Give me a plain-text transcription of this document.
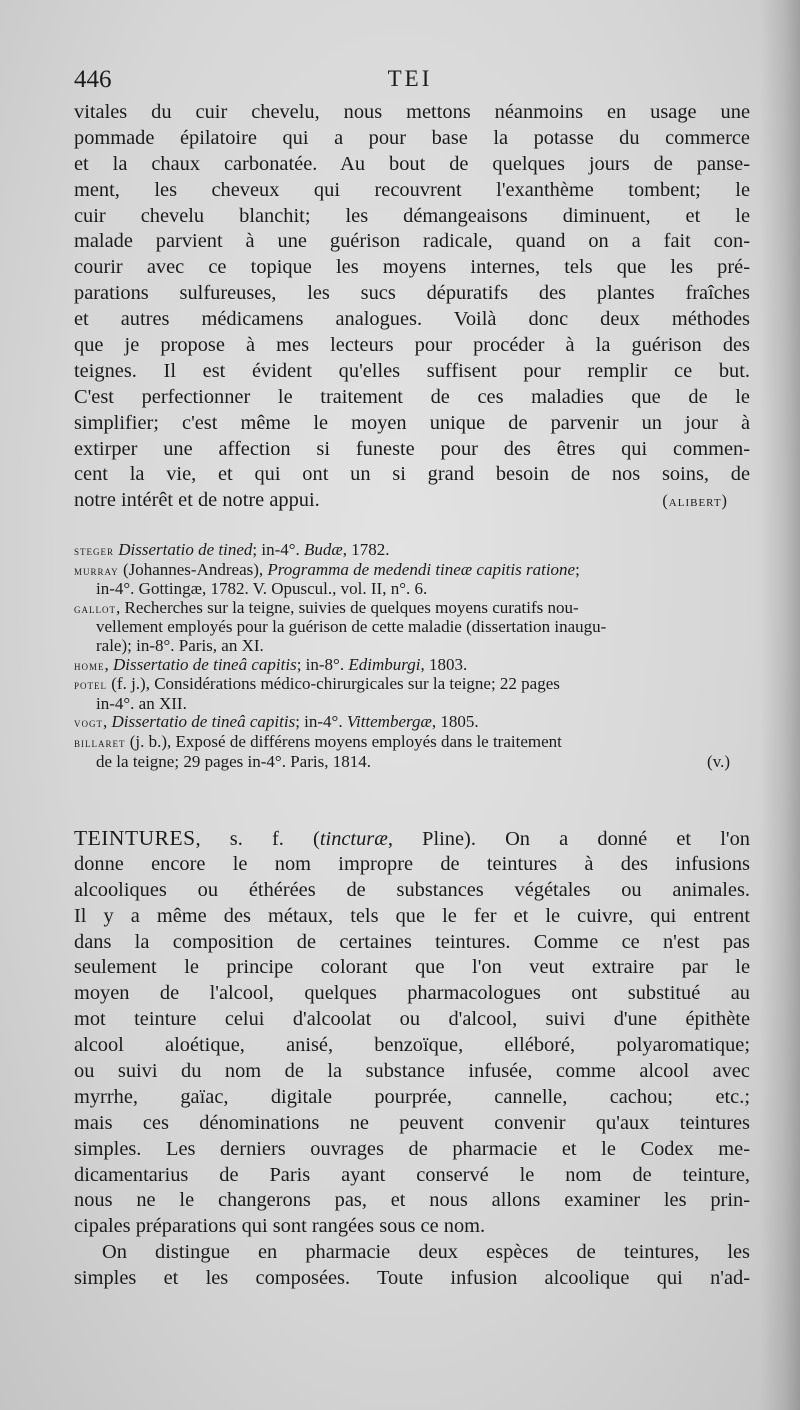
446	TEI
vitales du cuir chevelu, nous mettons néanmoins en usage une
pommade épilatoire qui a pour base la potasse du commerce
et la chaux carbonatée. Au bout de quelques jours de panse-
ment, les cheveux qui recouvrent l'exanthème tombent; le
cuir chevelu blanchit; les démangeaisons diminuent, et le
malade parvient à une guérison radicale, quand on a fait con-
courir avec ce topique les moyens internes, tels que les pré-
parations sulfureuses, les sucs dépuratifs des plantes fraîches
et autres médicamens analogues. Voilà donc deux méthodes
que je propose à mes lecteurs pour procéder à la guérison des
teignes. Il est évident qu'elles suffisent pour remplir ce but.
C'est perfectionner le traitement de ces maladies que de le
simplifier; c'est même le moyen unique de parvenir un jour à
extirper une affection si funeste pour des êtres qui commen-
cent la vie, et qui ont un si grand besoin de nos soins, de
notre intérêt et de notre appui.	(alibert)
steger Dissertatio de tined; in-4°. Budæ, 1782.
murray (Johannes-Andreas), Programma de medendi tineæ capitis ratione;
in-4°. Gottingæ, 1782. V. Opuscul., vol. II, n°. 6.
gallot, Recherches sur la teigne, suivies de quelques moyens curatifs nou-
vellement employés pour la guérison de cette maladie (dissertation inaugu-
rale); in-8°. Paris, an XI.
home, Dissertatio de tineâ capitis; in-8°. Edimburgi, 1803.
potel (f. j.), Considérations médico-chirurgicales sur la teigne; 22 pages
in-4°. an XII.
vogt, Dissertatio de tineâ capitis; in-4°. Vittembergæ, 1805.
billaret (j. b.), Exposé de différens moyens employés dans le traitement
de la teigne; 29 pages in-4°. Paris, 1814.	(v.)
TEINTURES, s. f. (tincturæ, Pline). On a donné et l'on
donne encore le nom impropre de teintures à des infusions
alcooliques ou éthérées de substances végétales ou animales.
Il y a même des métaux, tels que le fer et le cuivre, qui entrent
dans la composition de certaines teintures. Comme ce n'est pas
seulement le principe colorant que l'on veut extraire par le
moyen de l'alcool, quelques pharmacologues ont substitué au
mot teinture celui d'alcoolat ou d'alcool, suivi d'une épithète
alcool aloétique, anisé, benzoïque, elléboré, polyaromatique;
ou suivi du nom de la substance infusée, comme alcool avec
myrrhe, gaïac, digitale pourprée, cannelle, cachou; etc.;
mais ces dénominations ne peuvent convenir qu'aux teintures
simples. Les derniers ouvrages de pharmacie et le Codex me-
dicamentarius de Paris ayant conservé le nom de teinture,
nous ne le changerons pas, et nous allons examiner les prin-
cipales préparations qui sont rangées sous ce nom.
On distingue en pharmacie deux espèces de teintures, les
simples et les composées. Toute infusion alcoolique qui n'ad-
